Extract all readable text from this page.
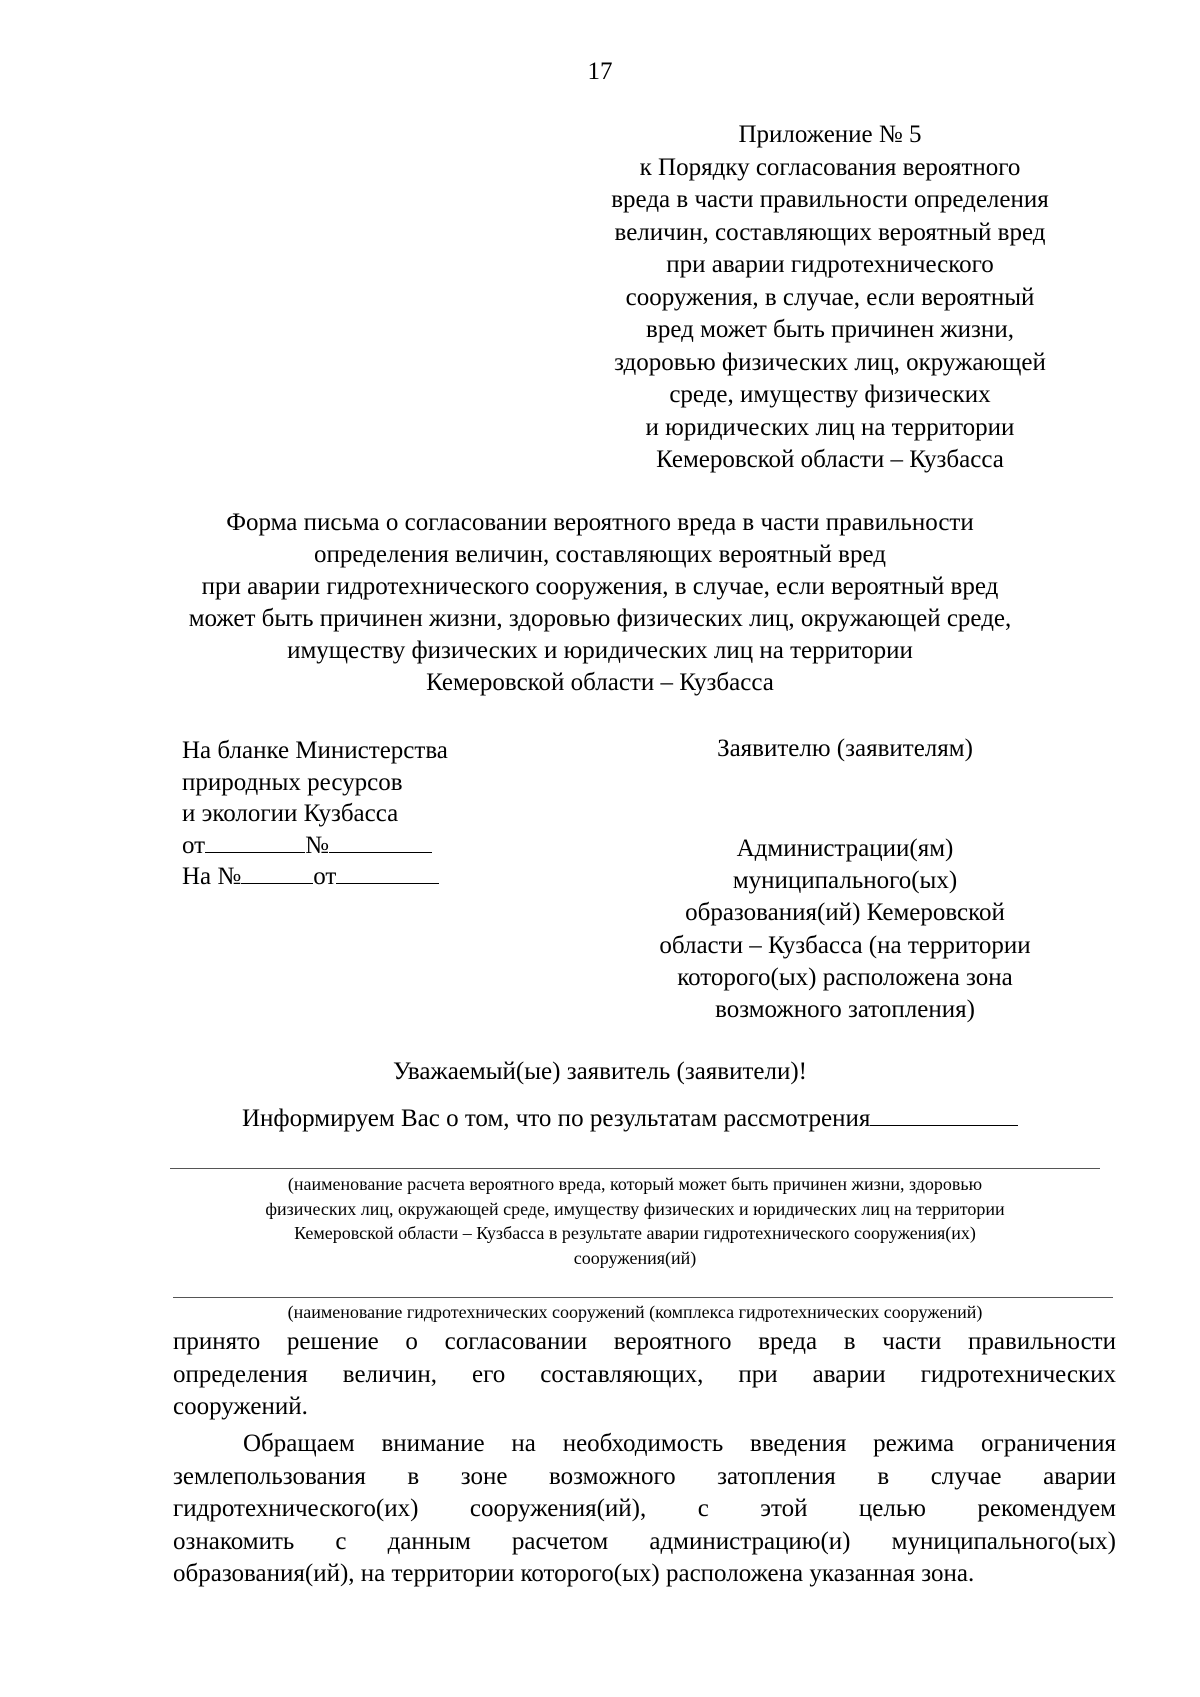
17
Приложение № 5
к Порядку согласования вероятного
вреда в части правильности определения
величин, составляющих вероятный вред
при аварии гидротехнического
сооружения, в случае, если вероятный
вред может быть причинен жизни,
здоровью физических лиц, окружающей
среде, имуществу физических
и юридических лиц на территории
Кемеровской области – Кузбасса
Форма письма о согласовании вероятного вреда в части правильности
определения величин, составляющих вероятный вред
при аварии гидротехнического сооружения, в случае, если вероятный вред
может быть причинен жизни, здоровью физических лиц, окружающей среде,
имуществу физических и юридических лиц на территории
Кемеровской области – Кузбасса
На бланке Министерства
природных ресурсов
и экологии Кузбасса
от	№
На №	от
Заявителю (заявителям)
Администрации(ям)
муниципального(ых)
образования(ий) Кемеровской
области – Кузбасса (на территории
которого(ых) расположена зона
возможного затопления)
Уважаемый(ые) заявитель (заявители)!
Информируем Вас о том, что по результатам рассмотрения
(наименование расчета вероятного вреда, который может быть причинен жизни, здоровью
физических лиц, окружающей среде, имуществу физических и юридических лиц на территории
Кемеровской области – Кузбасса в результате аварии гидротехнического сооружения(их)
сооружения(ий)
(наименование гидротехнических сооружений (комплекса гидротехнических сооружений)
принято решение о согласовании вероятного вреда в части правильности
определения величин, его составляющих, при аварии гидротехнических
сооружений.
Обращаем внимание на необходимость введения режима ограничения
землепользования в зоне возможного затопления в случае аварии
гидротехнического(их) сооружения(ий), с этой целью рекомендуем
ознакомить с данным расчетом администрацию(и) муниципального(ых)
образования(ий), на территории которого(ых) расположена указанная зона.
